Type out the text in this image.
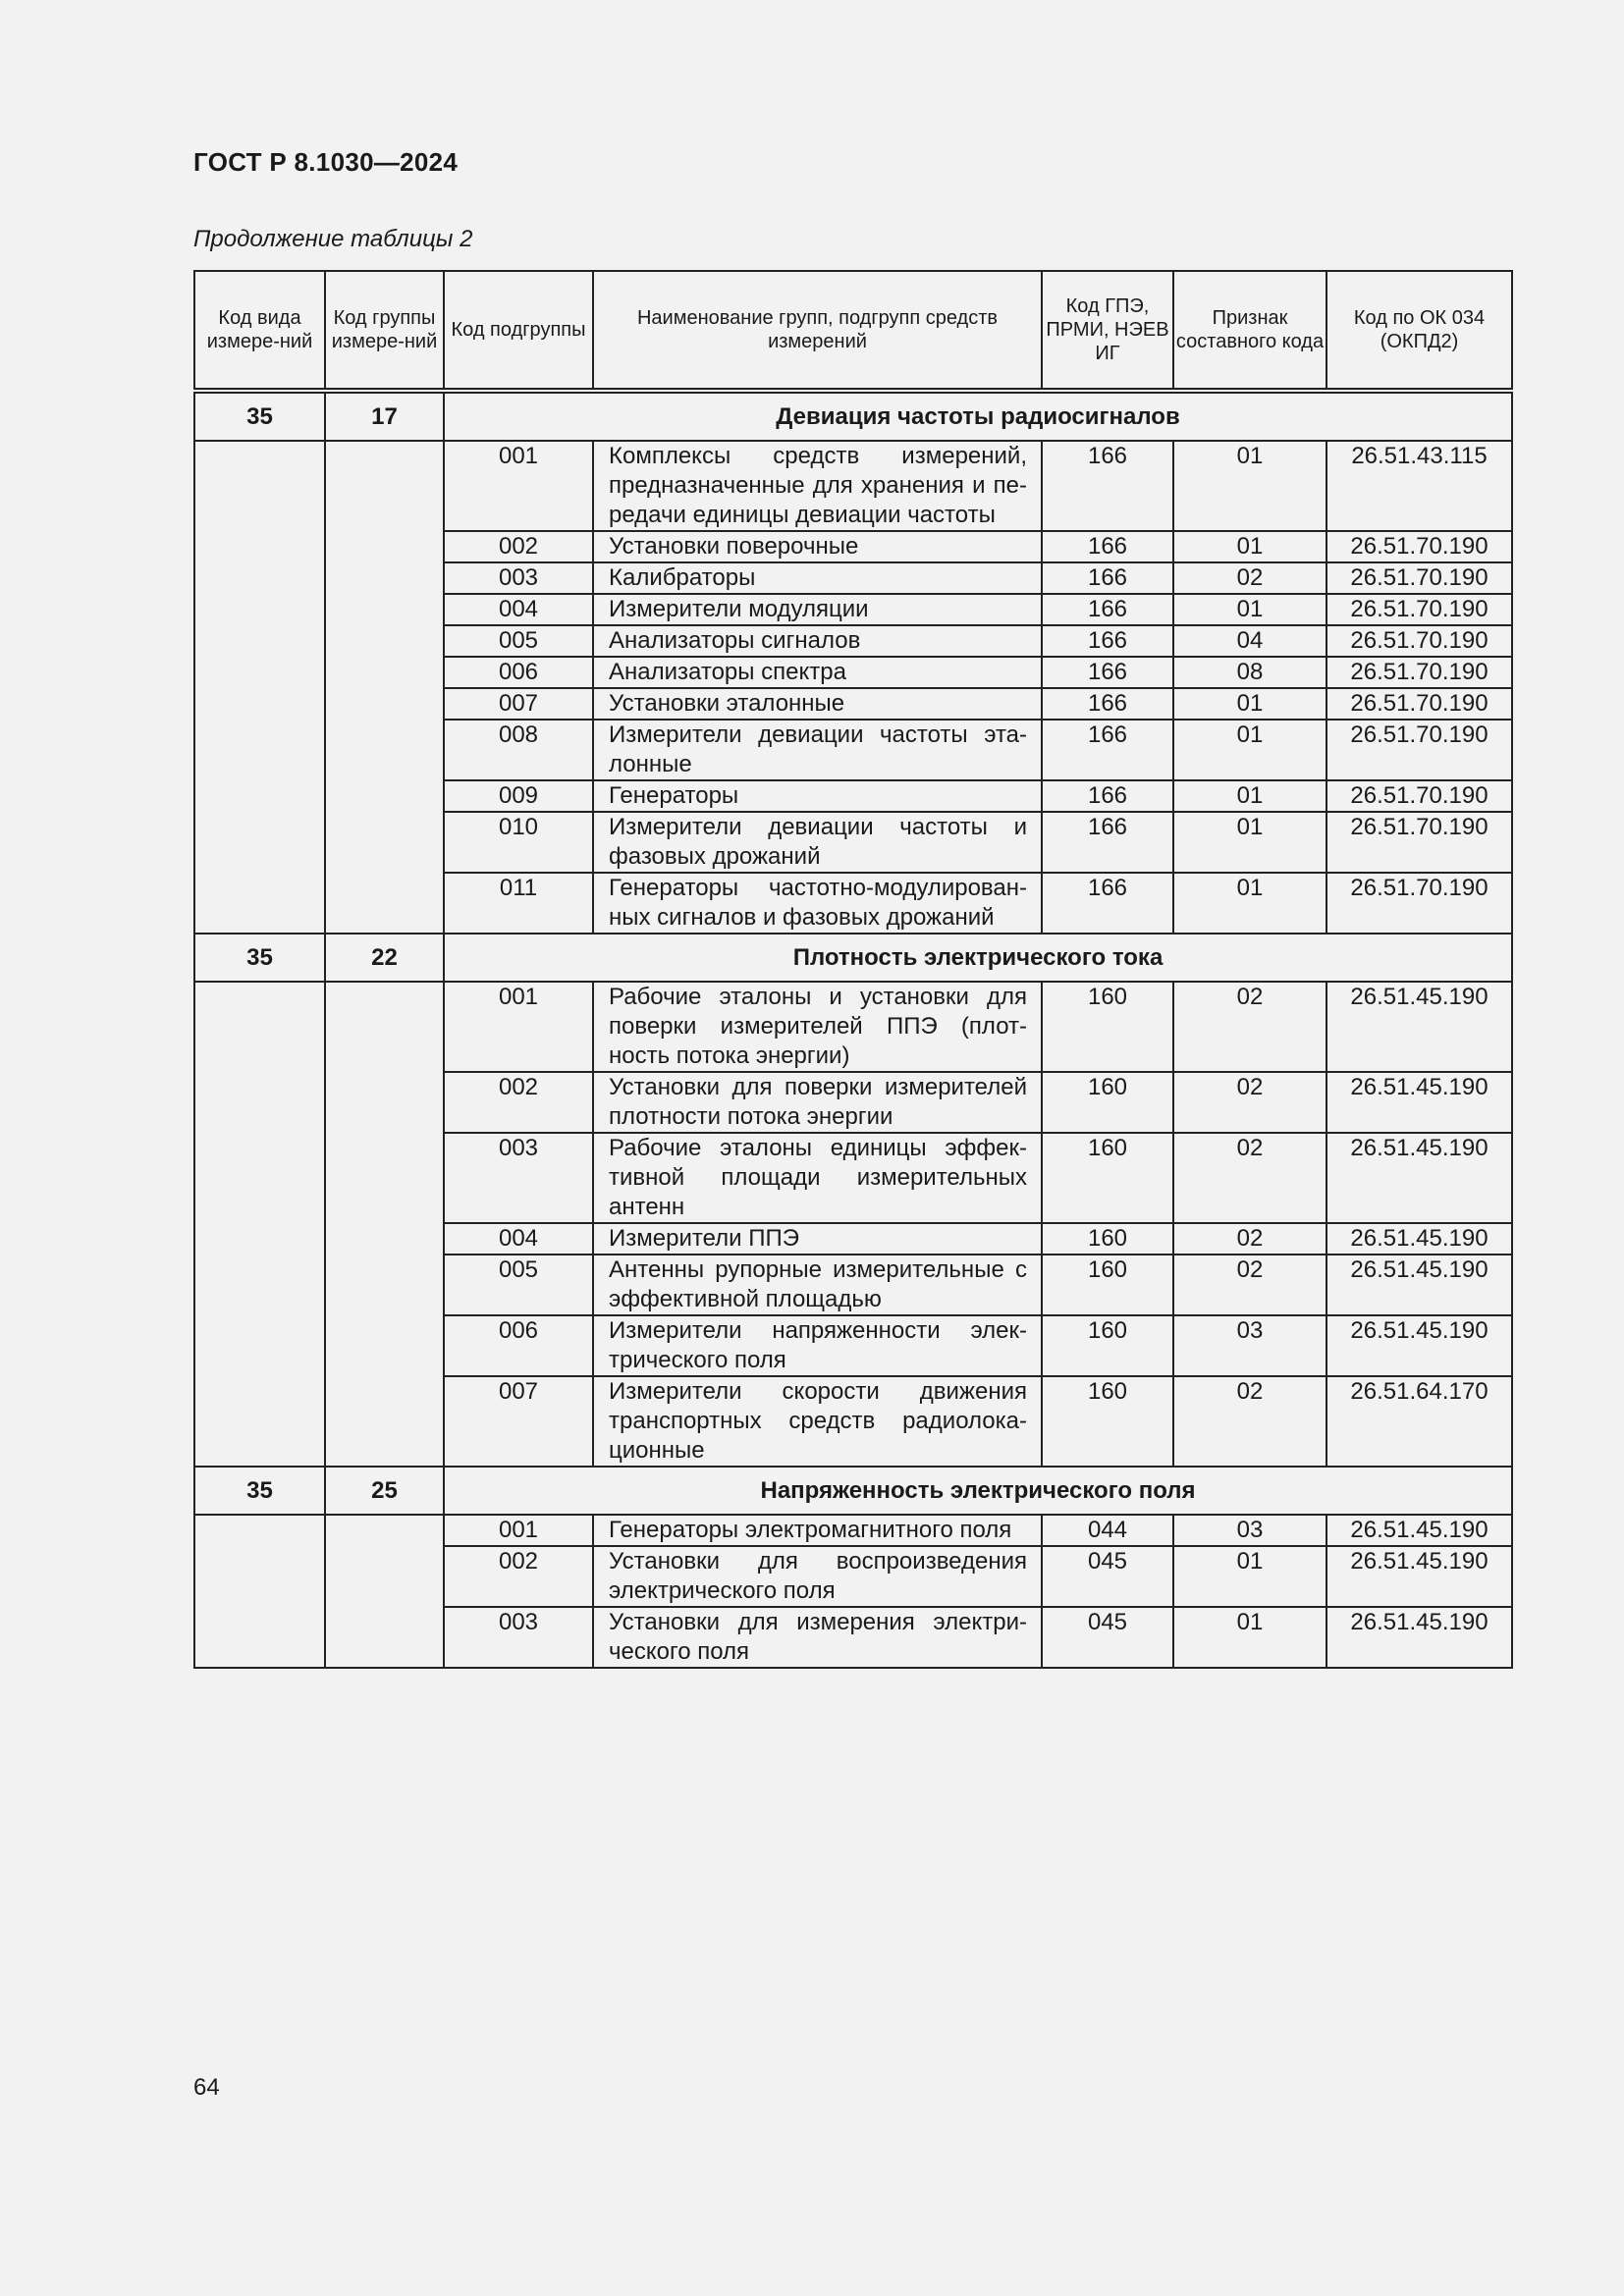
ГОСТ Р 8.1030—2024
Продолжение таблицы 2
Код вида измере-ний	Код группы измере-ний	Код подгруппы	Наименование групп, подгрупп средств измерений	Код ГПЭ, ПРМИ, НЭЕВ ИГ	Признак составного кода	Код по ОК 034 (ОКПД2)
35	17	Девиация частоты радиосигналов				
		001	Комплексы средств измерений, предназначенные для хранения и пе-редачи единицы девиации частоты	166	01	26.51.43.115
		002	Установки поверочные	166	01	26.51.70.190
		003	Калибраторы	166	02	26.51.70.190
		004	Измерители модуляции	166	01	26.51.70.190
		005	Анализаторы сигналов	166	04	26.51.70.190
		006	Анализаторы спектра	166	08	26.51.70.190
		007	Установки эталонные	166	01	26.51.70.190
		008	Измерители девиации частоты эта-лонные	166	01	26.51.70.190
		009	Генераторы	166	01	26.51.70.190
		010	Измерители девиации частоты и фазовых дрожаний	166	01	26.51.70.190
		011	Генераторы частотно-модулирован-ных сигналов и фазовых дрожаний	166	01	26.51.70.190
35	22	Плотность электрического тока				
		001	Рабочие эталоны и установки для поверки измерителей ППЭ (плот-ность потока энергии)	160	02	26.51.45.190
		002	Установки для поверки измерителей плотности потока энергии	160	02	26.51.45.190
		003	Рабочие эталоны единицы эффек-тивной площади измерительных антенн	160	02	26.51.45.190
		004	Измерители ППЭ	160	02	26.51.45.190
		005	Антенны рупорные измерительные с эффективной площадью	160	02	26.51.45.190
		006	Измерители напряженности элек-трического поля	160	03	26.51.45.190
		007	Измерители скорости движения транспортных средств радиолока-ционные	160	02	26.51.64.170
35	25	Напряженность электрического поля				
		001	Генераторы электромагнитного поля	044	03	26.51.45.190
		002	Установки для воспроизведения электрического поля	045	01	26.51.45.190
		003	Установки для измерения электри-ческого поля	045	01	26.51.45.190
64
